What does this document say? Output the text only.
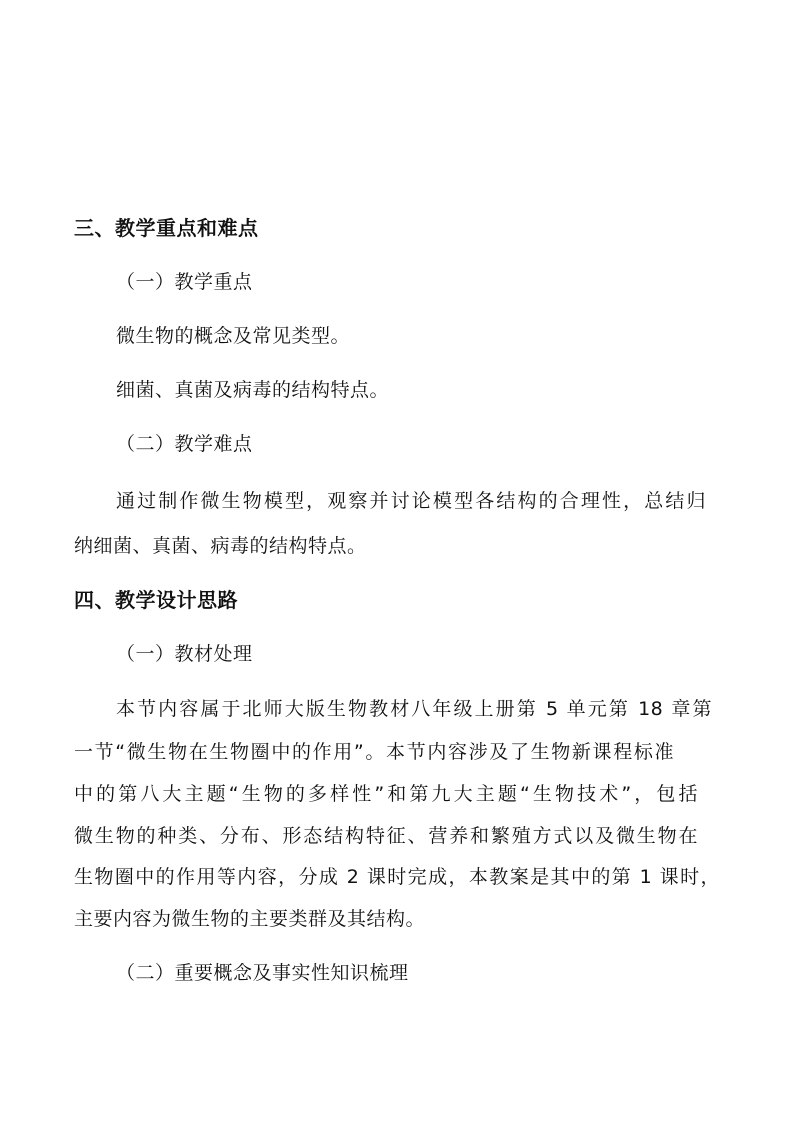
三、教学重点和难点
（一）教学重点
微生物的概念及常见类型。
细菌、真菌及病毒的结构特点。
（二）教学难点
通过制作微生物模型，观察并讨论模型各结构的合理性，总结归
纳细菌、真菌、病毒的结构特点。
四、教学设计思路
（一）教材处理
本节内容属于北师大版生物教材八年级上册第 5 单元第 18 章第
一节“微生物在生物圈中的作用”。本节内容涉及了生物新课程标准
中的第八大主题“生物的多样性”和第九大主题“生物技术”，包括
微生物的种类、分布、形态结构特征、营养和繁殖方式以及微生物在
生物圈中的作用等内容，分成 2 课时完成，本教案是其中的第 1 课时，
主要内容为微生物的主要类群及其结构。
（二）重要概念及事实性知识梳理
